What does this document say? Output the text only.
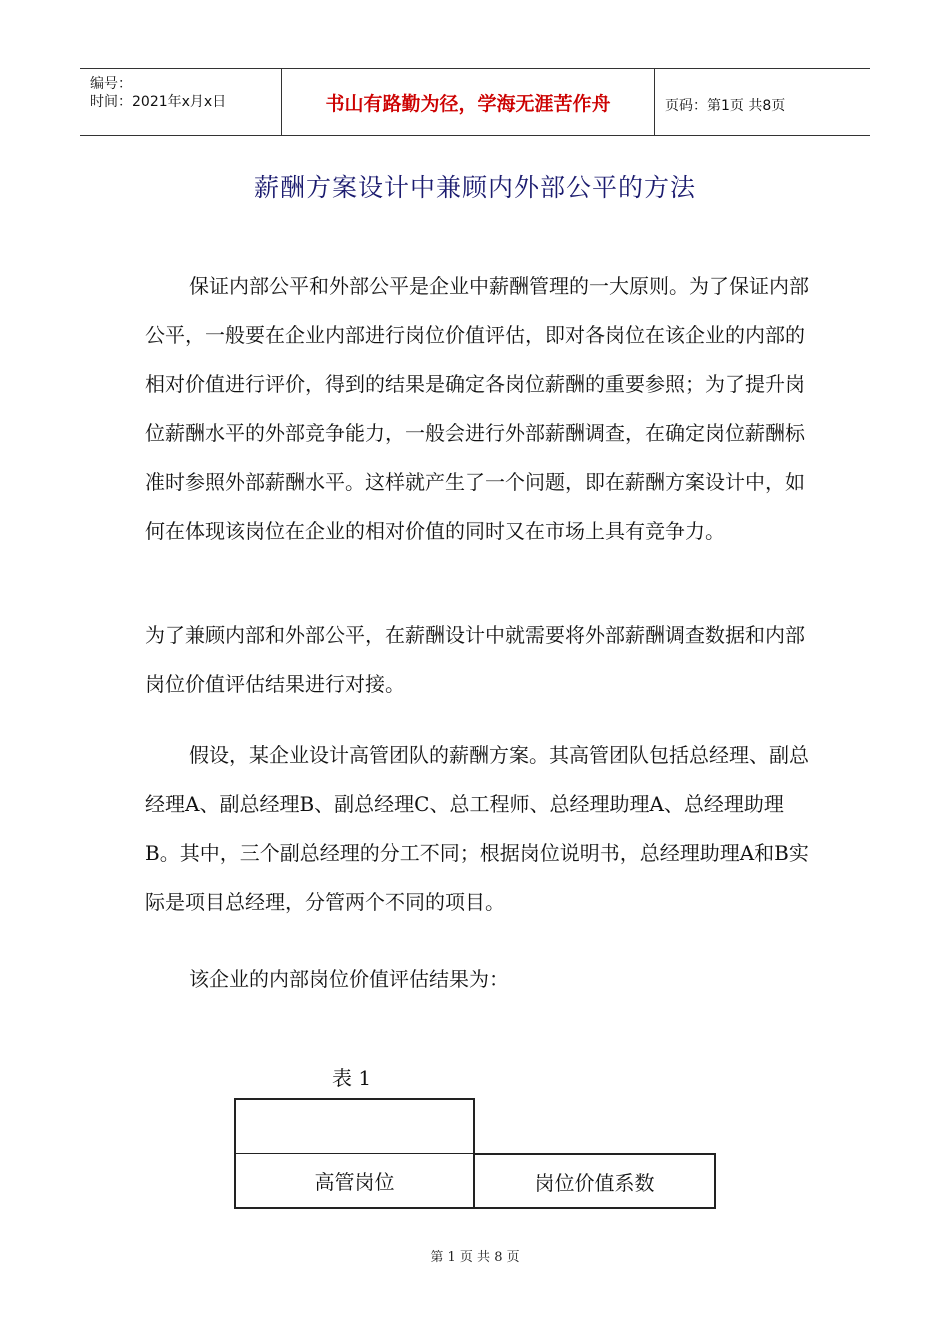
编号：
时间：2021年x月x日	书山有路勤为径，学海无涯苦作舟	页码：第1页 共8页
薪酬方案设计中兼顾内外部公平的方法

保证内部公平和外部公平是企业中薪酬管理的一大原则。为了保证内部公平，一般要在企业内部进行岗位价值评估，即对各岗位在该企业的内部的相对价值进行评价，得到的结果是确定各岗位薪酬的重要参照；为了提升岗位薪酬水平的外部竞争能力，一般会进行外部薪酬调查，在确定岗位薪酬标准时参照外部薪酬水平。这样就产生了一个问题，即在薪酬方案设计中，如何在体现该岗位在企业的相对价值的同时又在市场上具有竞争力。

为了兼顾内部和外部公平，在薪酬设计中就需要将外部薪酬调查数据和内部岗位价值评估结果进行对接。

假设，某企业设计高管团队的薪酬方案。其高管团队包括总经理、副总经理A、副总经理B、副总经理C、总工程师、总经理助理A、总经理助理B。其中，三个副总经理的分工不同；根据岗位说明书，总经理助理A和B实际是项目总经理，分管两个不同的项目。

该企业的内部岗位价值评估结果为：

表 1
高管岗位	岗位价值系数
第 1 页 共 8 页
